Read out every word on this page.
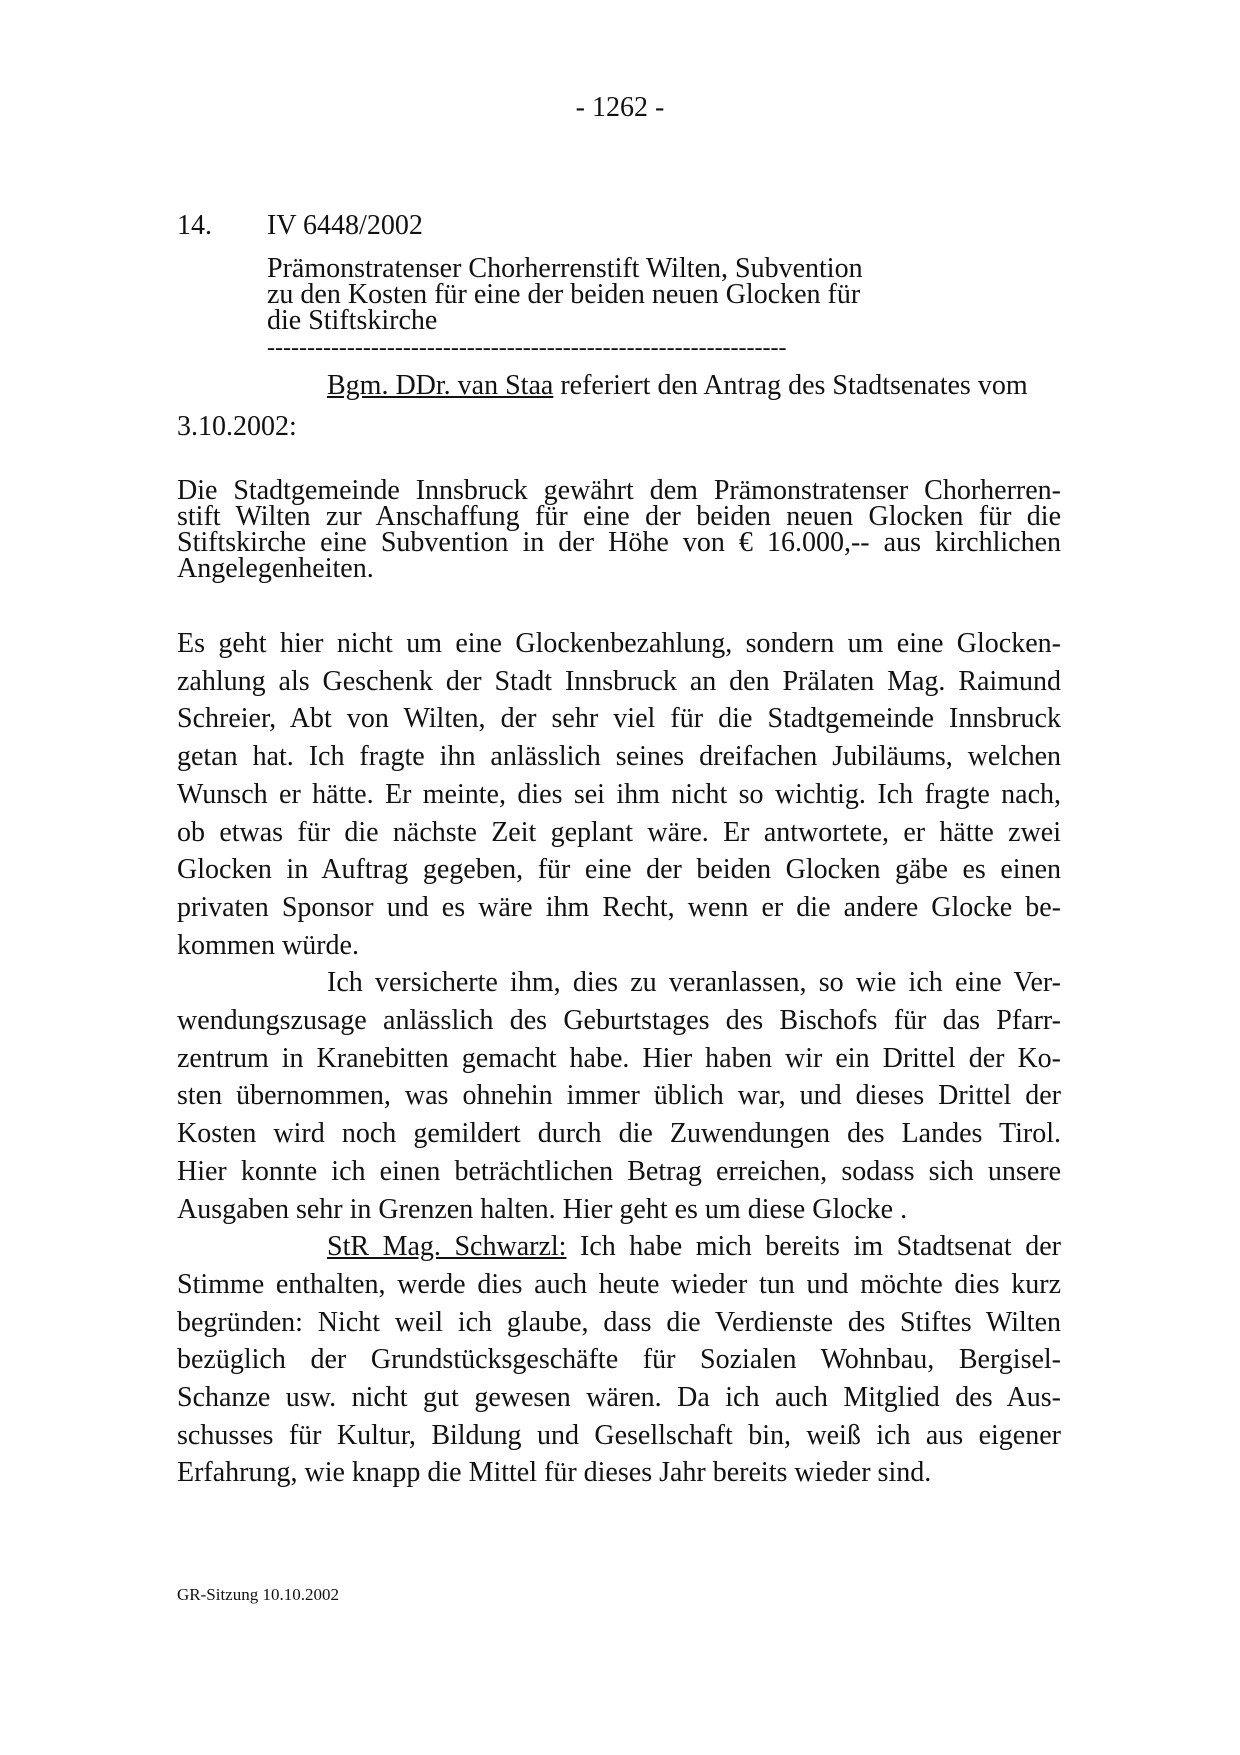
- 1262 -
14. IV 6448/2002
Prämonstratenser Chorherrenstift Wilten, Subvention
zu den Kosten für eine der beiden neuen Glocken für
die Stiftskirche
-----------------------------------------------------------------
Bgm. DDr. van Staa referiert den Antrag des Stadtsenates vom
3.10.2002:
Die Stadtgemeinde Innsbruck gewährt dem Prämonstratenser Chorherren-
stift Wilten zur Anschaffung für eine der beiden neuen Glocken für die
Stiftskirche eine Subvention in der Höhe von € 16.000,-- aus kirchlichen
Angelegenheiten.
Es geht hier nicht um eine Glockenbezahlung, sondern um eine Glocken-
zahlung als Geschenk der Stadt Innsbruck an den Prälaten Mag. Raimund
Schreier, Abt von Wilten, der sehr viel für die Stadtgemeinde Innsbruck
getan hat. Ich fragte ihn anlässlich seines dreifachen Jubiläums, welchen
Wunsch er hätte. Er meinte, dies sei ihm nicht so wichtig. Ich fragte nach,
ob etwas für die nächste Zeit geplant wäre. Er antwortete, er hätte zwei
Glocken in Auftrag gegeben, für eine der beiden Glocken gäbe es einen
privaten Sponsor und es wäre ihm Recht, wenn er die andere Glocke be-
kommen würde.
Ich versicherte ihm, dies zu veranlassen, so wie ich eine Ver-
wendungszusage anlässlich des Geburtstages des Bischofs für das Pfarr-
zentrum in Kranebitten gemacht habe. Hier haben wir ein Drittel der Ko-
sten übernommen, was ohnehin immer üblich war, und dieses Drittel der
Kosten wird noch gemildert durch die Zuwendungen des Landes Tirol.
Hier konnte ich einen beträchtlichen Betrag erreichen, sodass sich unsere
Ausgaben sehr in Grenzen halten. Hier geht es um diese Glocke .
StR Mag. Schwarzl: Ich habe mich bereits im Stadtsenat der
Stimme enthalten, werde dies auch heute wieder tun und möchte dies kurz
begründen: Nicht weil ich glaube, dass die Verdienste des Stiftes Wilten
bezüglich der Grundstücksgeschäfte für Sozialen Wohnbau, Bergisel-
Schanze usw. nicht gut gewesen wären. Da ich auch Mitglied des Aus-
schusses für Kultur, Bildung und Gesellschaft bin, weiß ich aus eigener
Erfahrung, wie knapp die Mittel für dieses Jahr bereits wieder sind.
GR-Sitzung 10.10.2002
